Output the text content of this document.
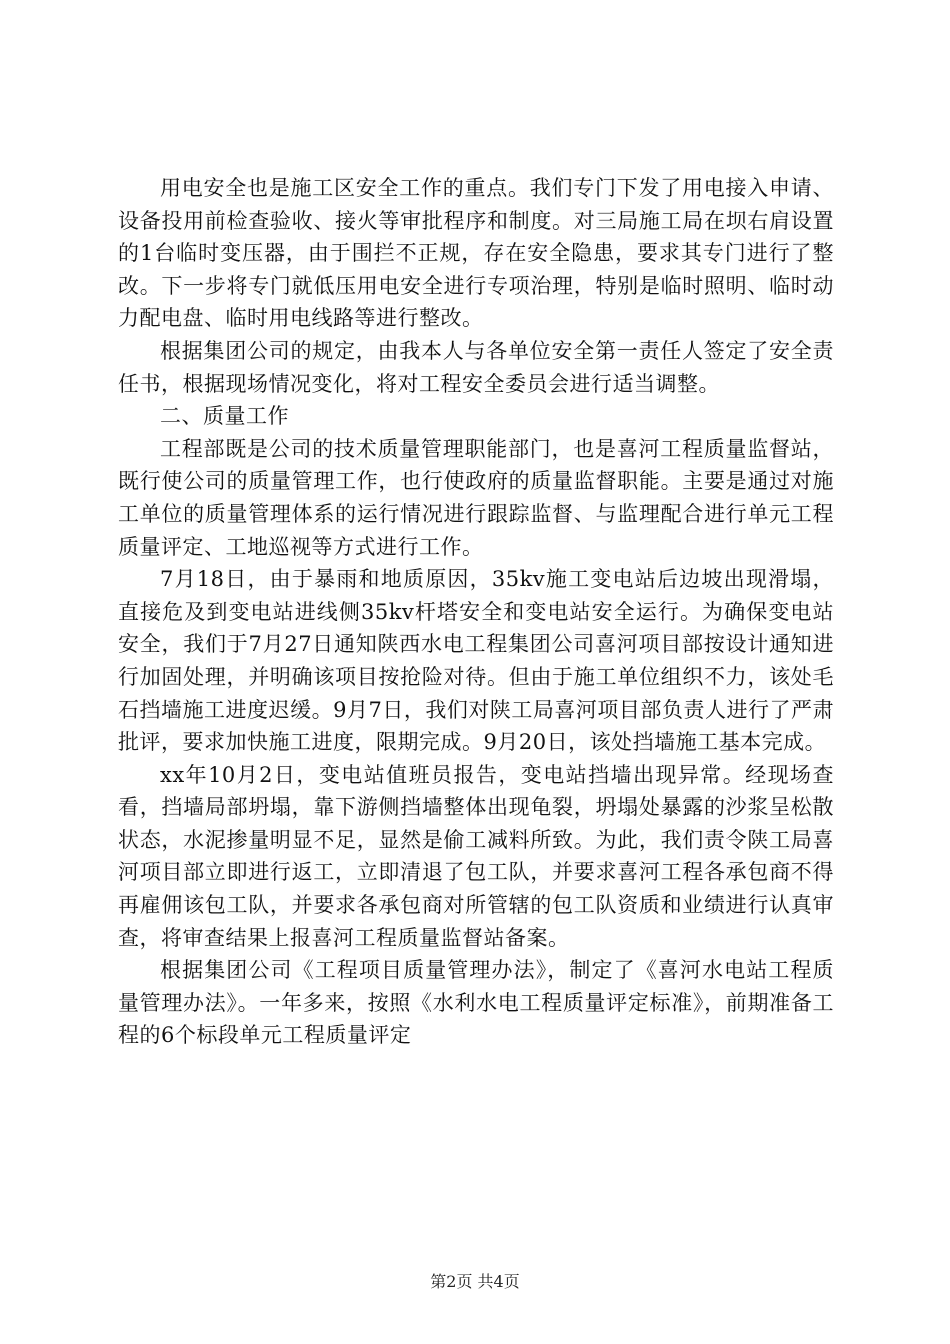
用电安全也是施工区安全工作的重点。我们专门下发了用电接入申请、设备投用前检查验收、接火等审批程序和制度。对三局施工局在坝右肩设置的1台临时变压器，由于围拦不正规，存在安全隐患，要求其专门进行了整改。下一步将专门就低压用电安全进行专项治理，特别是临时照明、临时动力配电盘、临时用电线路等进行整改。

根据集团公司的规定，由我本人与各单位安全第一责任人签定了安全责任书，根据现场情况变化，将对工程安全委员会进行适当调整。

二、质量工作

工程部既是公司的技术质量管理职能部门，也是喜河工程质量监督站，既行使公司的质量管理工作，也行使政府的质量监督职能。主要是通过对施工单位的质量管理体系的运行情况进行跟踪监督、与监理配合进行单元工程质量评定、工地巡视等方式进行工作。

7月18日，由于暴雨和地质原因，35kv施工变电站后边坡出现滑塌，直接危及到变电站进线侧35kv杆塔安全和变电站安全运行。为确保变电站安全，我们于7月27日通知陕西水电工程集团公司喜河项目部按设计通知进行加固处理，并明确该项目按抢险对待。但由于施工单位组织不力，该处毛石挡墙施工进度迟缓。9月7日，我们对陕工局喜河项目部负责人进行了严肃批评，要求加快施工进度，限期完成。9月20日，该处挡墙施工基本完成。

xx年10月2日，变电站值班员报告，变电站挡墙出现异常。经现场查看，挡墙局部坍塌，靠下游侧挡墙整体出现龟裂，坍塌处暴露的沙浆呈松散状态，水泥掺量明显不足，显然是偷工减料所致。为此，我们责令陕工局喜河项目部立即进行返工，立即清退了包工队，并要求喜河工程各承包商不得再雇佣该包工队，并要求各承包商对所管辖的包工队资质和业绩进行认真审查，将审查结果上报喜河工程质量监督站备案。

根据集团公司《工程项目质量管理办法》，制定了《喜河水电站工程质量管理办法》。一年多来，按照《水利水电工程质量评定标准》，前期准备工程的6个标段单元工程质量评定

第2页 共4页
